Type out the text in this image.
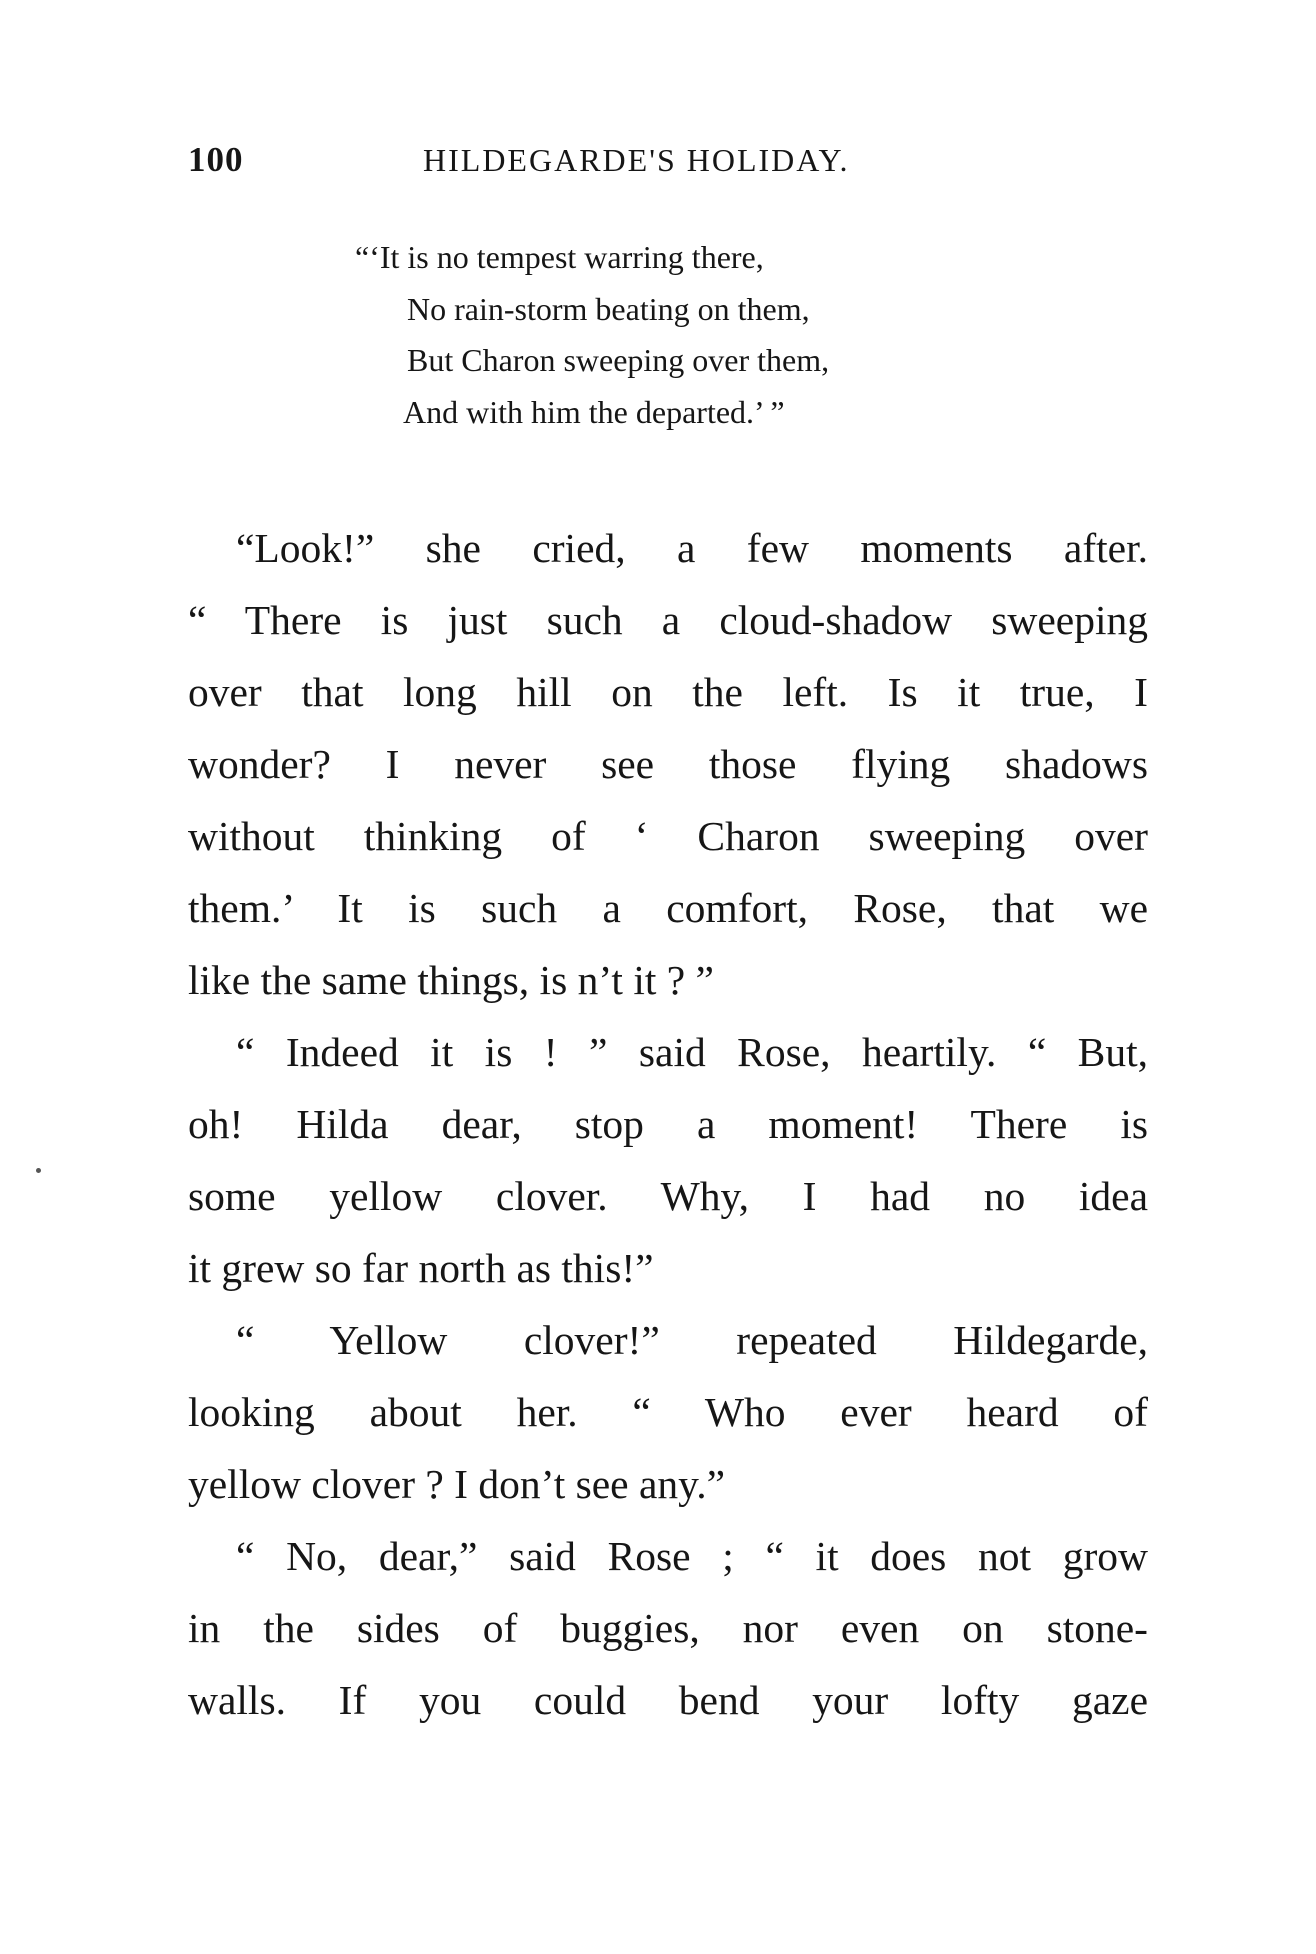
100	HILDEGARDE'S HOLIDAY.
“‘It is no tempest warring there,
No rain-storm beating on them,
But Charon sweeping over them,
And with him the departed.’ ”
“Look!” she cried, a few moments after.
“ There is just such a cloud-shadow sweeping
over that long hill on the left. Is it true, I
wonder? I never see those flying shadows
without thinking of ‘ Charon sweeping over
them.’ It is such a comfort, Rose, that we
like the same things, is n’t it ? ”
“ Indeed it is ! ” said Rose, heartily. “ But,
oh! Hilda dear, stop a moment! There is
some yellow clover. Why, I had no idea
it grew so far north as this!”
“ Yellow clover!” repeated Hildegarde,
looking about her. “ Who ever heard of
yellow clover ? I don’t see any.”
“ No, dear,” said Rose ; “ it does not grow
in the sides of buggies, nor even on stone-
walls. If you could bend your lofty gaze
